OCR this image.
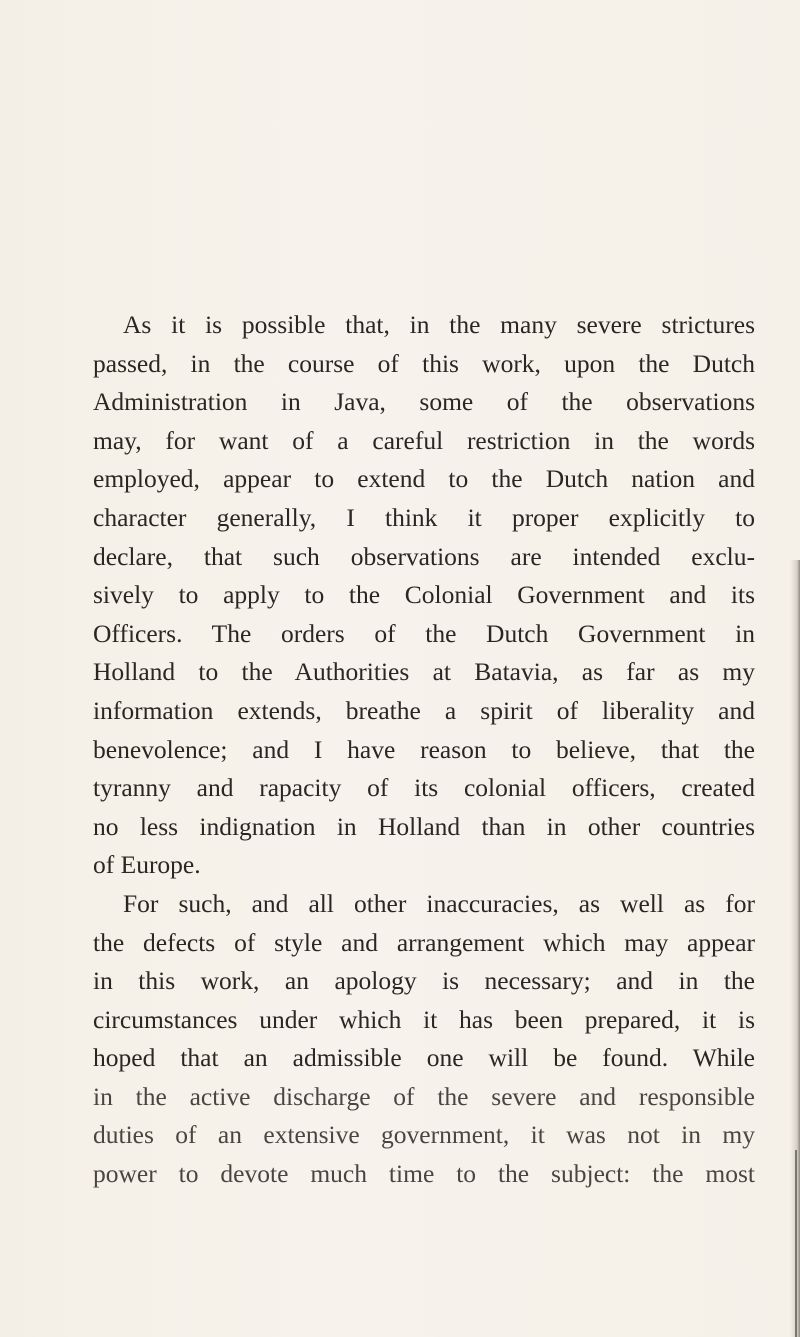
As it is possible that, in the many severe strictures
passed, in the course of this work, upon the Dutch
Administration in Java, some of the observations
may, for want of a careful restriction in the words
employed, appear to extend to the Dutch nation and
character generally, I think it proper explicitly to
declare, that such observations are intended exclu-
sively to apply to the Colonial Government and its
Officers. The orders of the Dutch Government in
Holland to the Authorities at Batavia, as far as my
information extends, breathe a spirit of liberality and
benevolence; and I have reason to believe, that the
tyranny and rapacity of its colonial officers, created
no less indignation in Holland than in other countries
of Europe.

For such, and all other inaccuracies, as well as for
the defects of style and arrangement which may appear
in this work, an apology is necessary; and in the
circumstances under which it has been prepared, it is
hoped that an admissible one will be found. While
in the active discharge of the severe and responsible
duties of an extensive government, it was not in my
power to devote much time to the subject: the most
